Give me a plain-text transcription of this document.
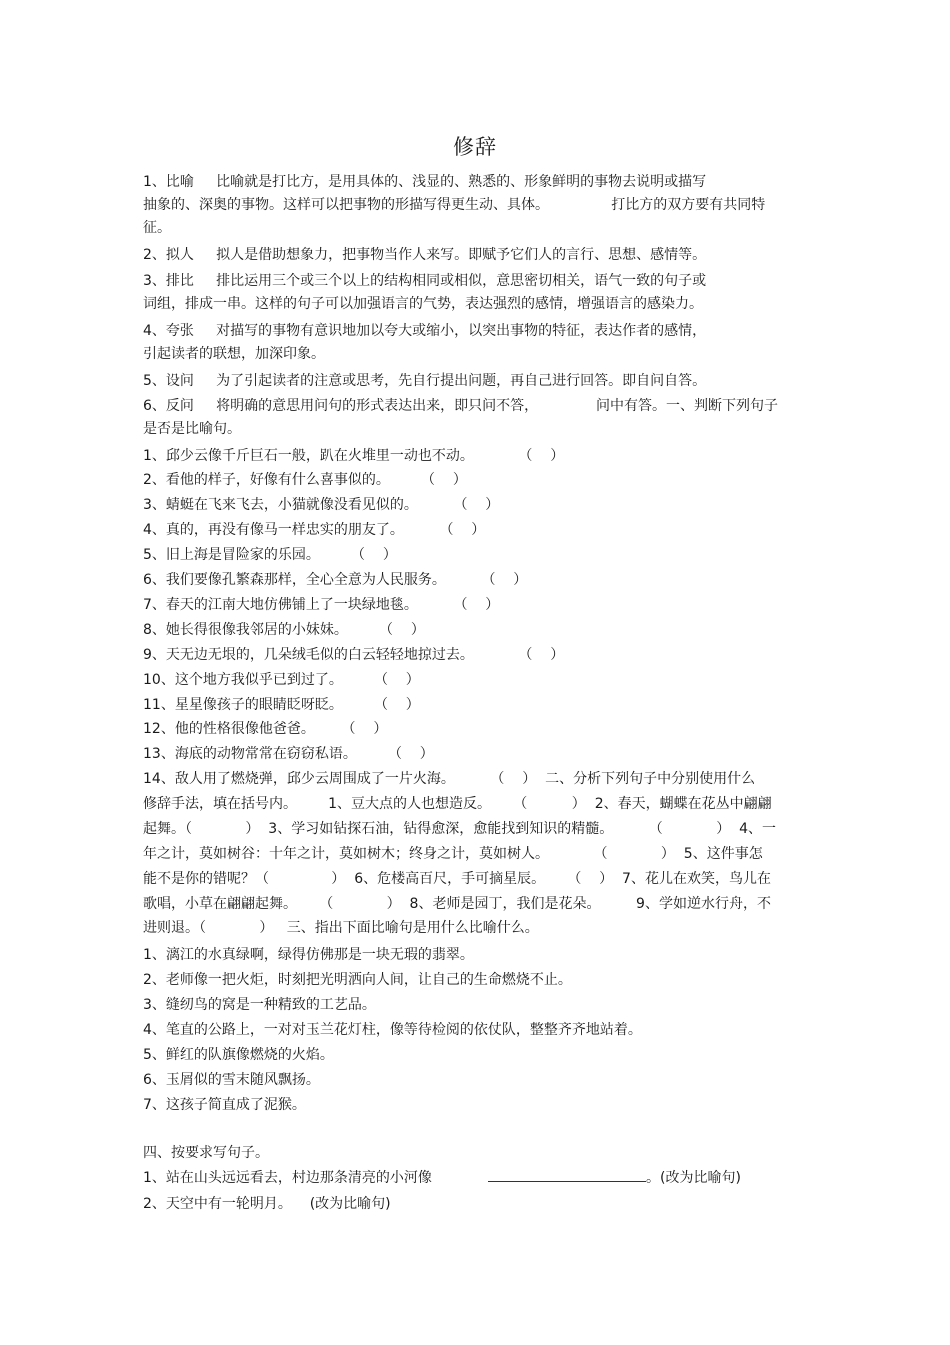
修辞
1、比喻     比喻就是打比方，是用具体的、浅显的、熟悉的、形象鲜明的事物去说明或描写
抽象的、深奥的事物。这样可以把事物的形描写得更生动、具体。              打比方的双方要有共同特
征。
2、拟人     拟人是借助想象力，把事物当作人来写。即赋予它们人的言行、思想、感情等。
3、排比     排比运用三个或三个以上的结构相同或相似，意思密切相关，语气一致的句子或
词组，排成一串。这样的句子可以加强语言的气势，表达强烈的感情，增强语言的感染力。
4、夸张     对描写的事物有意识地加以夸大或缩小，以突出事物的特征，表达作者的感情，
引起读者的联想，加深印象。
5、设问     为了引起读者的注意或思考，先自行提出问题，再自己进行回答。即自问自答。
6、反问     将明确的意思用问句的形式表达出来，即只问不答，             问中有答。一、判断下列句子
是否是比喻句。
1、邱少云像千斤巨石一般，趴在火堆里一动也不动。          （    ）
2、看他的样子，好像有什么喜事似的。       （    ）
3、蜻蜓在飞来飞去，小猫就像没看见似的。        （    ）
4、真的，再没有像马一样忠实的朋友了。        （    ）
5、旧上海是冒险家的乐园。       （    ）
6、我们要像孔繁森那样，全心全意为人民服务。        （    ）
7、春天的江南大地仿佛铺上了一块绿地毯。        （    ）
8、她长得很像我邻居的小妹妹。       （    ）
9、天无边无垠的，几朵绒毛似的白云轻轻地掠过去。          （    ）
10、这个地方我似乎已到过了。       （    ）
11、星星像孩子的眼睛眨呀眨。       （    ）
12、他的性格很像他爸爸。      （    ）
13、海底的动物常常在窃窃私语。       （    ）
14、敌人用了燃烧弹，邱少云周围成了一片火海。        （    ）  二、分析下列句子中分别使用什么
修辞手法，填在括号内。       1、豆大点的人也想造反。     （          ）  2、春天，蝴蝶在花丛中翩翩
起舞。（            ）  3、学习如钻探石油，钻得愈深，愈能找到知识的精髓。        （            ）  4、一
年之计，莫如树谷：十年之计，莫如树木；终身之计，莫如树人。          （            ）  5、这件事怎
能不是你的错呢？（              ）  6、危楼高百尺，手可摘星辰。     （    ）  7、花儿在欢笑，鸟儿在
歌唱，小草在翩翩起舞。     （            ）  8、老师是园丁，我们是花朵。        9、学如逆水行舟，不
进则退。（            ）   三、指出下面比喻句是用什么比喻什么。
1、漓江的水真绿啊，绿得仿佛那是一块无瑕的翡翠。
2、老师像一把火炬，时刻把光明洒向人间，让自己的生命燃烧不止。
3、缝纫鸟的窝是一种精致的工艺品。
4、笔直的公路上，一对对玉兰花灯柱，像等待检阅的依仗队，整整齐齐地站着。
5、鲜红的队旗像燃烧的火焰。
6、玉屑似的雪末随风飘扬。
7、这孩子简直成了泥猴。
四、按要求写句子。
1、站在山头远远看去，村边那条清亮的小河像	。(改为比喻句)
2、天空中有一轮明月。    (改为比喻句)
